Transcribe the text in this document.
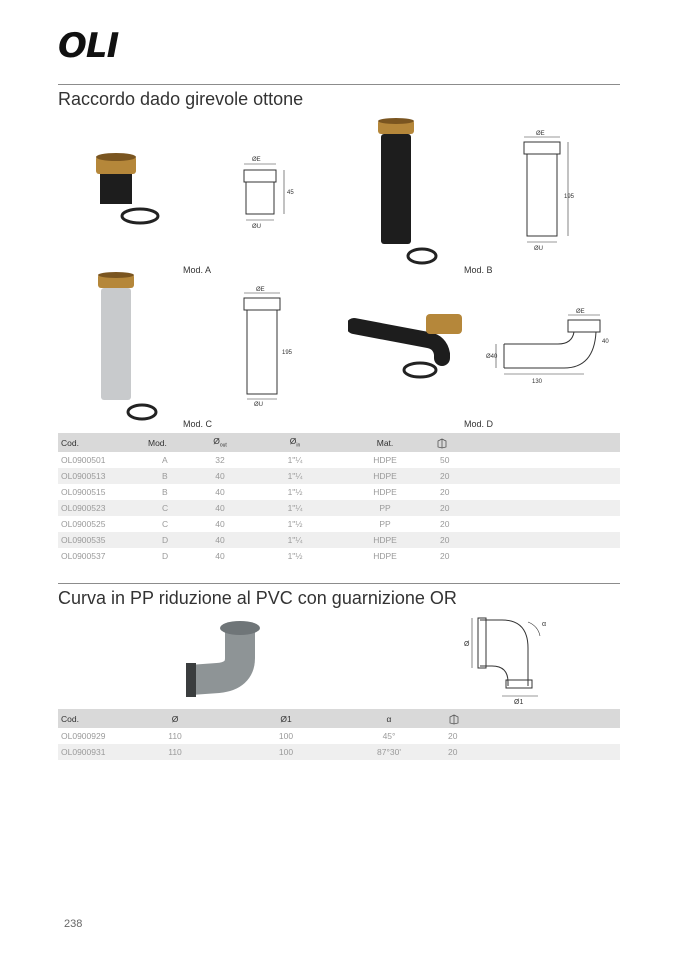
OLI
Raccordo dado girevole ottone
ØE
ØU
45
Mod. A
ØE
ØU
195
Mod. B
ØE
ØU
195
Mod. C
ØE
Ø40
130
40
Mod. D
Cod.	Mod.	$Ø_{out}$	$Ø_{in}$	Mat.	
OL0900501	A	32	1"¼	HDPE	50
OL0900513	B	40	1"¼	HDPE	20
OL0900515	B	40	1"½	HDPE	20
OL0900523	C	40	1"¼	PP	20
OL0900525	C	40	1"½	PP	20
OL0900535	D	40	1"¼	HDPE	20
OL0900537	D	40	1"½	HDPE	20
Curva in PP riduzione al PVC con guarnizione OR
Ø
Ø1
α
Cod.	Ø	Ø1	α	
OL0900929	110	100	45°	20
OL0900931	110	100	87°30'	20
238
